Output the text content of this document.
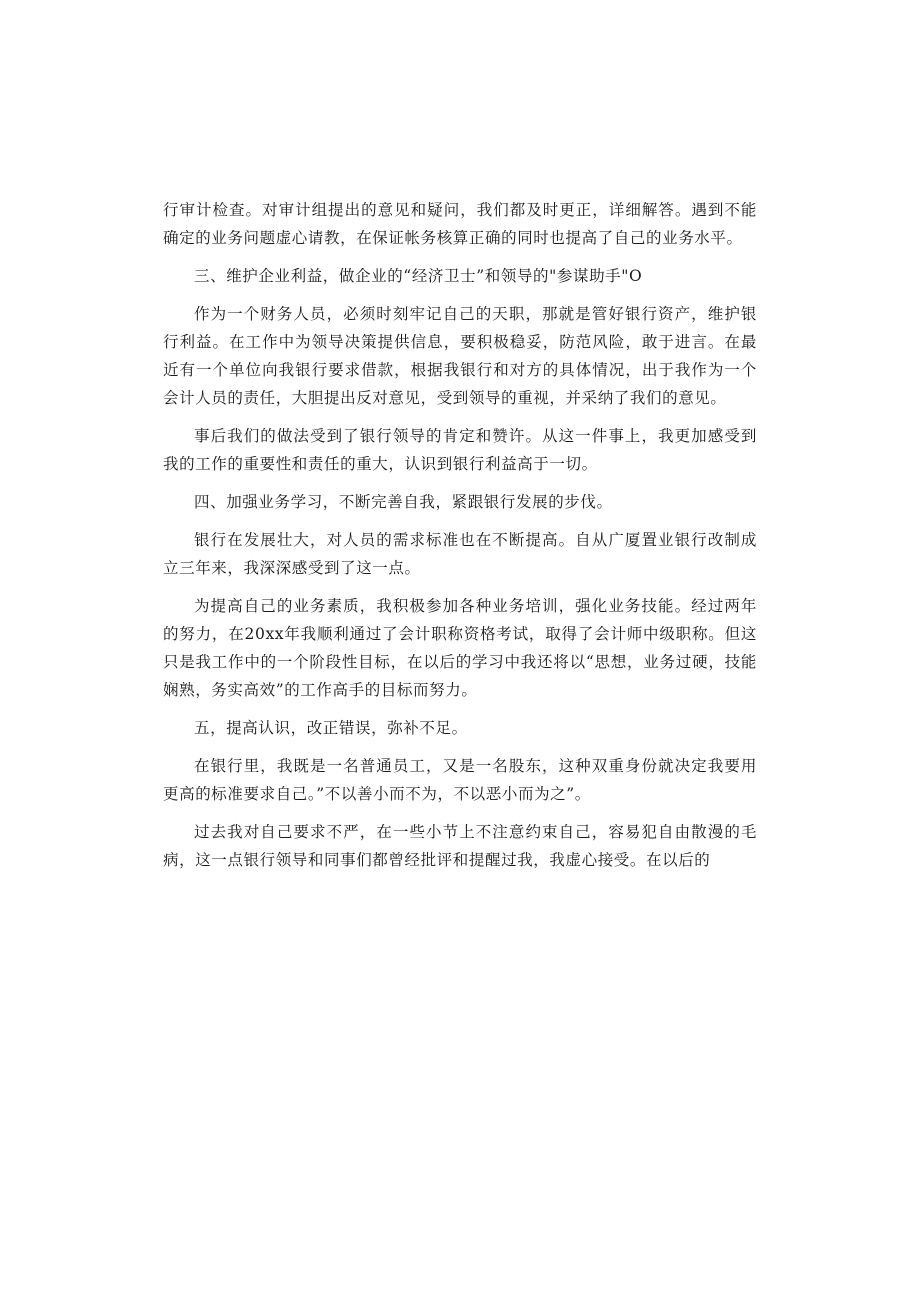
行审计检查。对审计组提出的意见和疑问，我们都及时更正，详细解答。遇到不能确定的业务问题虚心请教，在保证帐务核算正确的同时也提高了自己的业务水平。

三、维护企业利益，做企业的“经济卫士”和领导的"参谋助手"O

作为一个财务人员，必须时刻牢记自己的天职，那就是管好银行资产，维护银行利益。在工作中为领导决策提供信息，要积极稳妥，防范风险，敢于进言。在最近有一个单位向我银行要求借款，根据我银行和对方的具体情况，出于我作为一个会计人员的责任，大胆提出反对意见，受到领导的重视，并采纳了我们的意见。

事后我们的做法受到了银行领导的肯定和赞许。从这一件事上，我更加感受到我的工作的重要性和责任的重大，认识到银行利益高于一切。

四、加强业务学习，不断完善自我，紧跟银行发展的步伐。

银行在发展壮大，对人员的需求标准也在不断提高。自从广厦置业银行改制成立三年来，我深深感受到了这一点。

为提高自己的业务素质，我积极参加各种业务培训，强化业务技能。经过两年的努力，在20xx年我顺利通过了会计职称资格考试，取得了会计师中级职称。但这只是我工作中的一个阶段性目标，在以后的学习中我还将以“思想，业务过硬，技能娴熟，务实高效”的工作高手的目标而努力。

五，提高认识，改正错误，弥补不足。

在银行里，我既是一名普通员工，又是一名股东，这种双重身份就决定我要用更高的标准要求自己。”不以善小而不为，不以恶小而为之”。

过去我对自己要求不严，在一些小节上不注意约束自己，容易犯自由散漫的毛病，这一点银行领导和同事们都曾经批评和提醒过我，我虚心接受。在以后的
